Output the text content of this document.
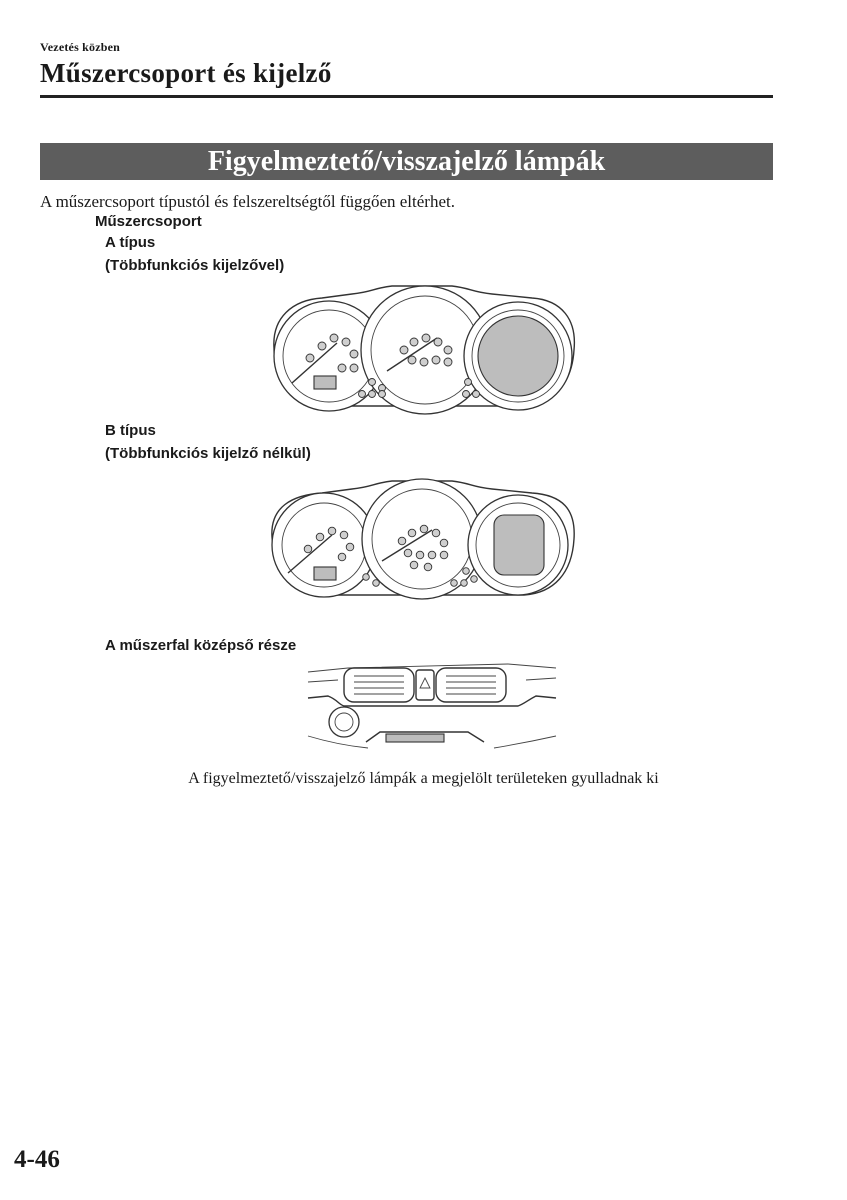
Vezetés közben
Műszercsoport és kijelző
Figyelmeztető/visszajelző lámpák
A műszercsoport típustól és felszereltségtől függően eltérhet.
Műszercsoport
A típus
(Többfunkciós kijelzővel)
B típus
(Többfunkciós kijelző nélkül)
A műszerfal középső része
A figyelmeztető/visszajelző lámpák a megjelölt területeken gyulladnak ki
4-46
